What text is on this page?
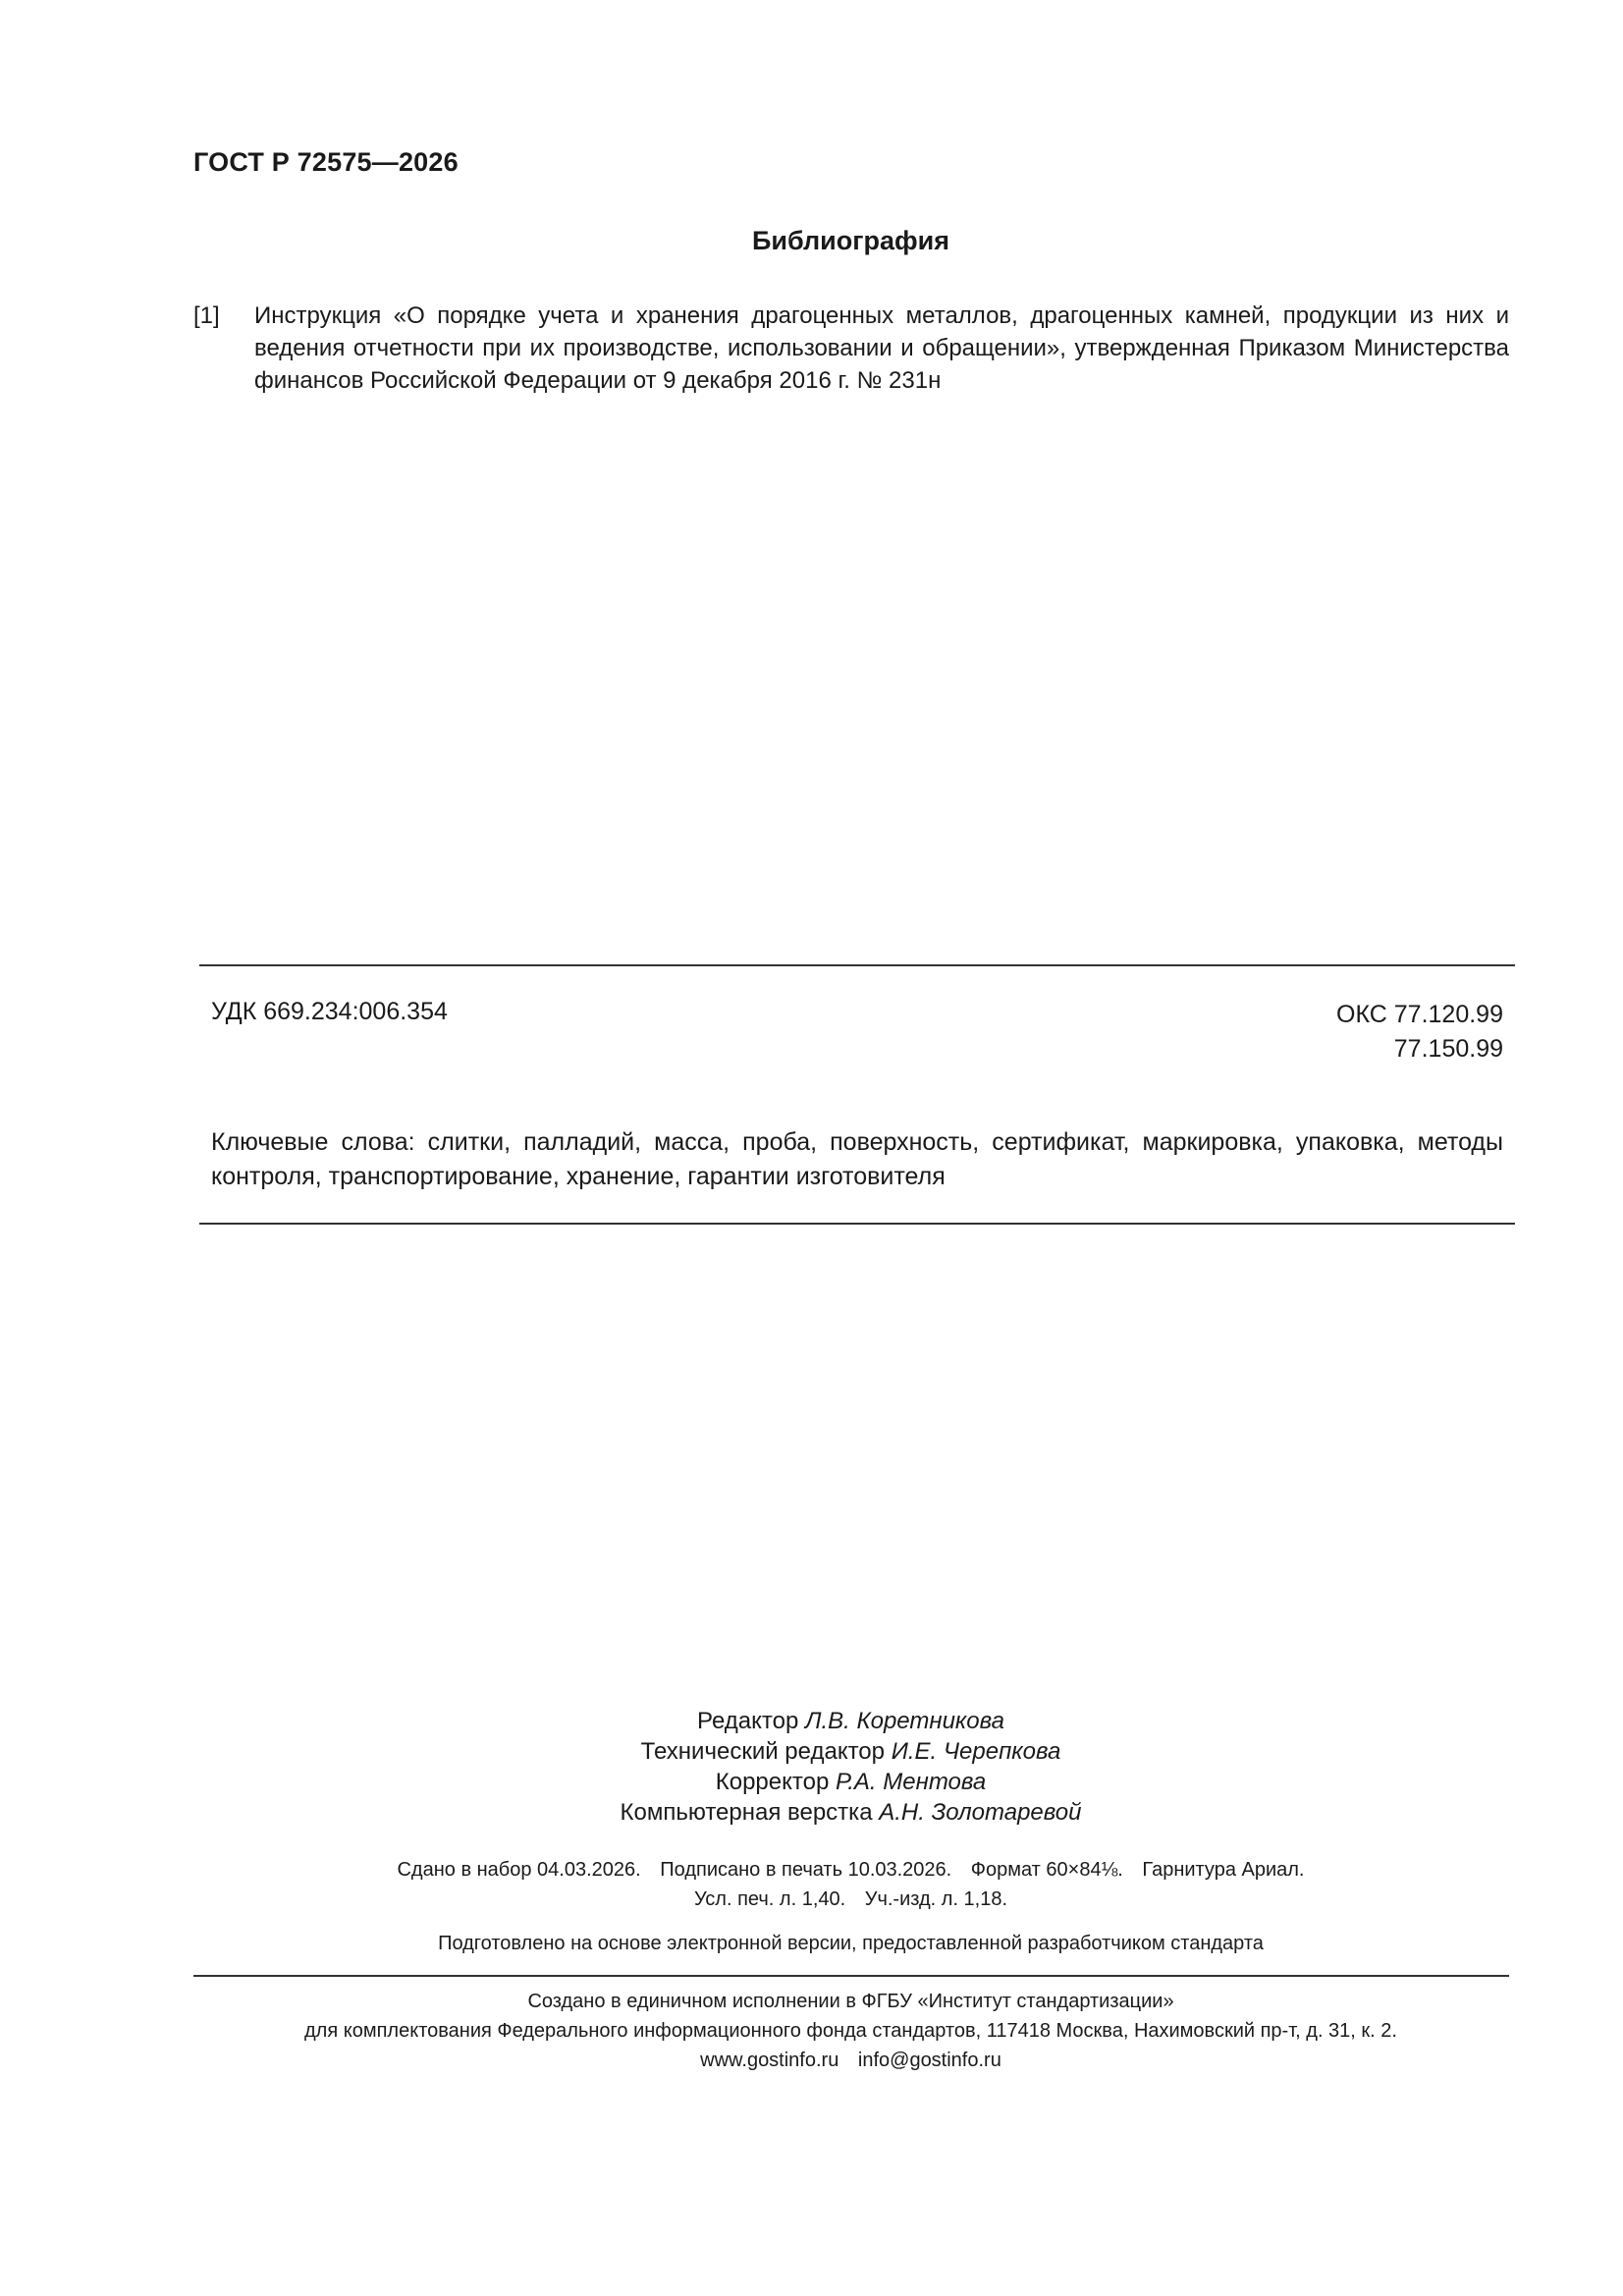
ГОСТ Р 72575—2026
Библиография
[1]	Инструкция «О порядке учета и хранения драгоценных металлов, драгоценных камней, продукции из них и ведения отчетности при их производстве, использовании и обращении», утвержденная Приказом Министерства финансов Российской Федерации от 9 декабря 2016 г. № 231н
УДК 669.234:006.354	ОКС 77.120.99
77.150.99
Ключевые слова: слитки, палладий, масса, проба, поверхность, сертификат, маркировка, упаковка, методы контроля, транспортирование, хранение, гарантии изготовителя
Редактор Л.В. Коретникова
Технический редактор И.Е. Черепкова
Корректор Р.А. Ментова
Компьютерная верстка А.Н. Золотаревой
Сдано в набор 04.03.2026. Подписано в печать 10.03.2026. Формат 60×84⅛. Гарнитура Ариал.
Усл. печ. л. 1,40. Уч.-изд. л. 1,18.
Подготовлено на основе электронной версии, предоставленной разработчиком стандарта
Создано в единичном исполнении в ФГБУ «Институт стандартизации»
для комплектования Федерального информационного фонда стандартов, 117418 Москва, Нахимовский пр-т, д. 31, к. 2.
www.gostinfo.ru info@gostinfo.ru
